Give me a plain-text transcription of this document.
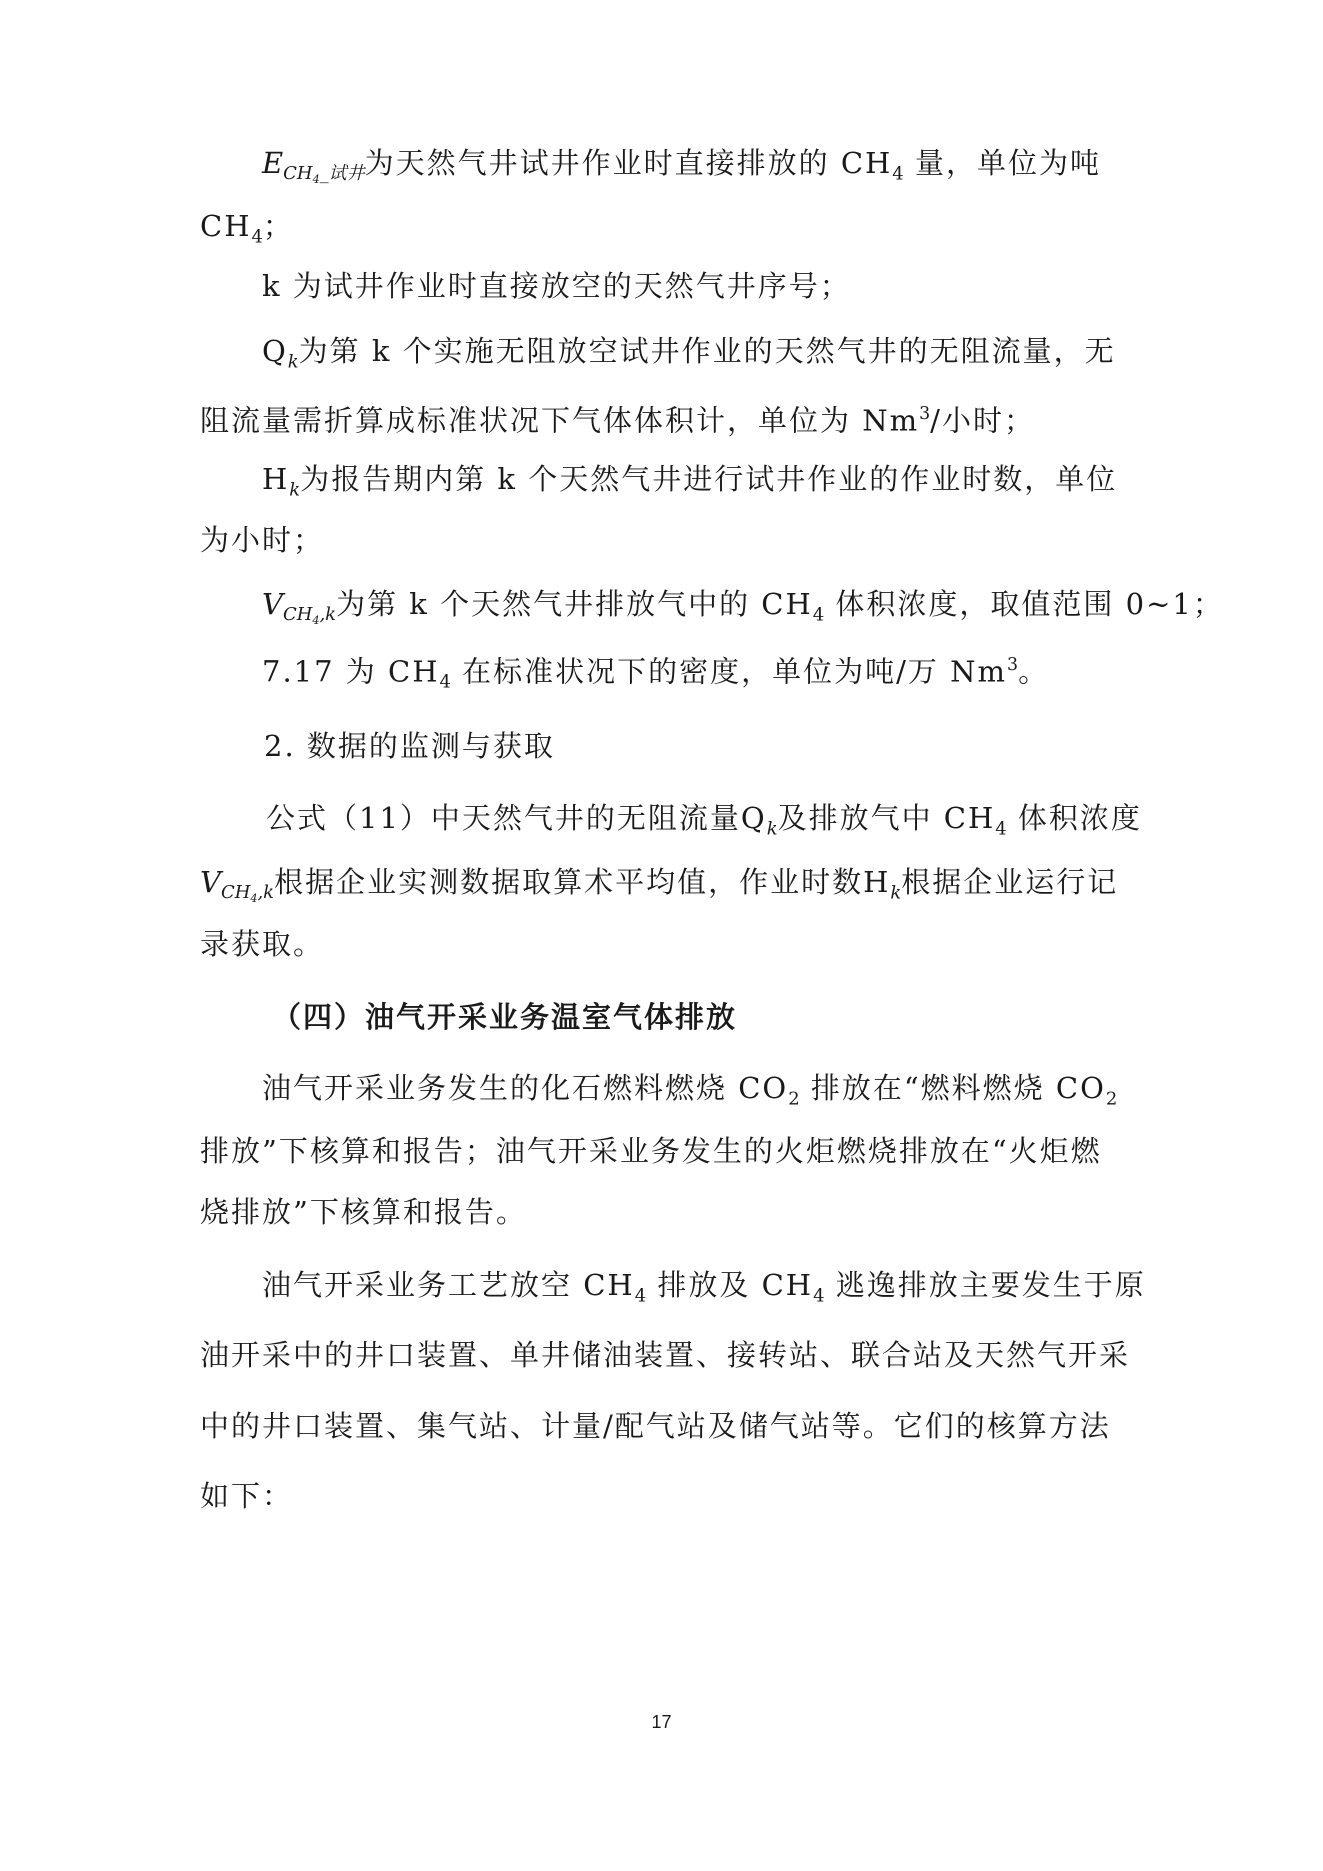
$E_{CH_4\_试井}$为天然气井试井作业时直接排放的 $CH_4$ 量，单位为吨
$CH_4$；
k 为试井作业时直接放空的天然气井序号；
$Q_k$为第 k 个实施无阻放空试井作业的天然气井的无阻流量，无
阻流量需折算成标准状况下气体体积计，单位为 Nm$^3$/小时；
$H_k$为报告期内第 k 个天然气井进行试井作业的作业时数，单位
为小时；
$V_{CH_4,k}$为第 k 个天然气井排放气中的 $CH_4$ 体积浓度，取值范围 0~1；
7.17 为 $CH_4$ 在标准状况下的密度，单位为吨/万 Nm$^3$。
2. 数据的监测与获取
公式（11）中天然气井的无阻流量$Q_k$及排放气中 $CH_4$ 体积浓度
$V_{CH_4,k}$根据企业实测数据取算术平均值，作业时数$H_k$根据企业运行记
录获取。
（四）油气开采业务温室气体排放
油气开采业务发生的化石燃料燃烧 $CO_2$ 排放在“燃料燃烧 $CO_2$
排放”下核算和报告；油气开采业务发生的火炬燃烧排放在“火炬燃
烧排放”下核算和报告。
油气开采业务工艺放空 $CH_4$ 排放及 $CH_4$ 逃逸排放主要发生于原
油开采中的井口装置、单井储油装置、接转站、联合站及天然气开采
中的井口装置、集气站、计量/配气站及储气站等。它们的核算方法
如下：
17
